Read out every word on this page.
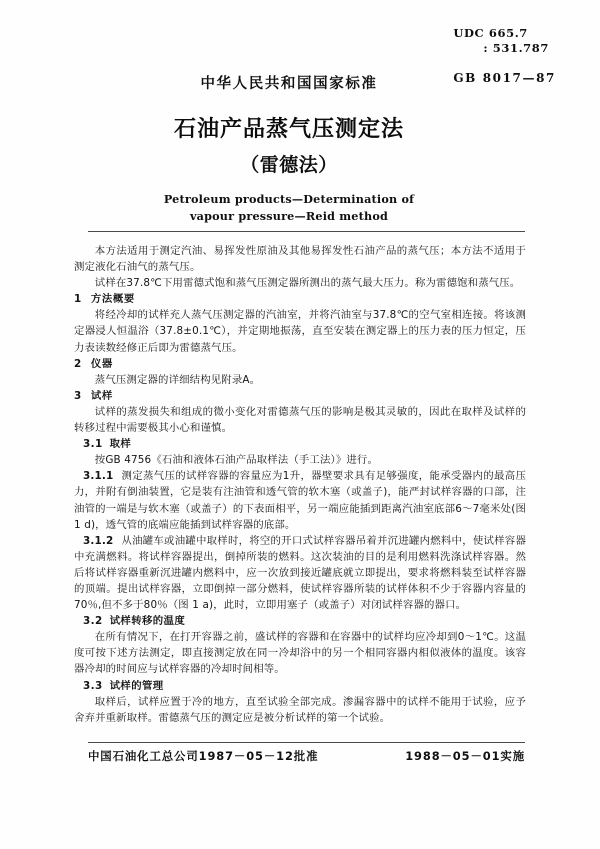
UDC 665.7
: 531.787
GB 8017—87
中华人民共和国国家标准
石油产品蒸气压测定法
（雷德法）
Petroleum products—Determination of
vapour pressure—Reid method

本方法适用于测定汽油、易挥发性原油及其他易挥发性石油产品的蒸气压；本方法不适用于测定液化石油气的蒸气压。

试样在37.8℃下用雷德式饱和蒸气压测定器所测出的蒸气最大压力。称为雷德饱和蒸气压。

1 方法概要

将经冷却的试样充人蒸气压测定器的汽油室，并将汽油室与37.8℃的空气室相连接。将该测定器浸人恒温浴（37.8±0.1℃），并定期地振荡，直至安装在测定器上的压力表的压力恒定，压力表读数经修正后即为雷德蒸气压。

2 仪器

蒸气压测定器的详细结构见附录A。

3 试样

试样的蒸发损失和组成的微小变化对雷德蒸气压的影响是极其灵敏的，因此在取样及试样的转移过程中需要极其小心和谨慎。

3.1 取样

按GB 4756《石油和液体石油产品取样法（手工法）》进行。

3.1.1 测定蒸气压的试样容器的容量应为1升，器壁要求具有足够强度，能承受器内的最高压力，并附有倒油装置，它是装有注油管和透气管的软木塞（或盖子)，能严封试样容器的口部，注油管的一端是与软木塞（或盖子）的下表面相平，另一端应能插到距离汽油室底部6～7毫米处(图 1 d)，透气管的底端应能插到试样容器的底部。

3.1.2 从油罐车或油罐中取样时，将空的开口式试样容器吊着并沉进罐内燃料中，使试样容器中充满燃料。将试样容器提出，倒掉所装的燃料。这次装油的目的是利用燃料洗涤试样容器。然后将试样容器重新沉进罐内燃料中，应一次放到接近罐底就立即提出，要求将燃料装至试样容器的顶端。提出试样容器，立即倒掉一部分燃料，使试样容器所装的试样体积不少于容器内容量的70％,但不多于80％（图 1 a)，此时，立即用塞子（或盖子）对闭试样容器的器口。

3.2 试样转移的温度

在所有情况下，在打开容器之前，盛试样的容器和在容器中的试样均应冷却到0～1℃。这温度可按下述方法测定，即直接测定放在同一冷却浴中的另一个相同容器内相似液体的温度。该容器冷却的时间应与试样容器的冷却时间相等。

3.3 试样的管理

取样后，试样应置于冷的地方，直至试验全部完成。渗漏容器中的试样不能用于试验，应予舍弃并重新取样。雷德蒸气压的测定应是被分析试样的第一个试验。

中国石油化工总公司1987－05－12批准	1988－05－01实施
